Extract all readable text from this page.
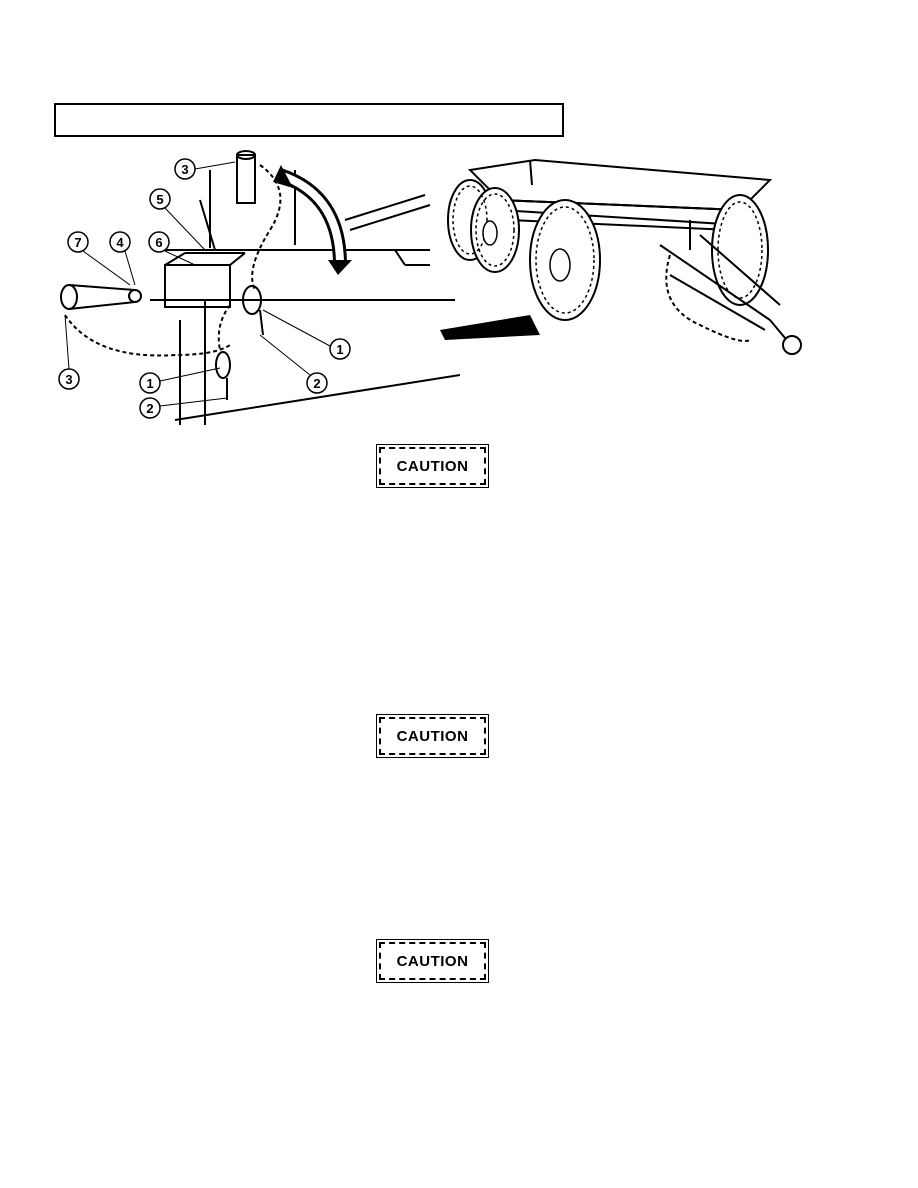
3
5
7	4 6
1
2
3	1
2
CAUTION
CAUTION
CAUTION
